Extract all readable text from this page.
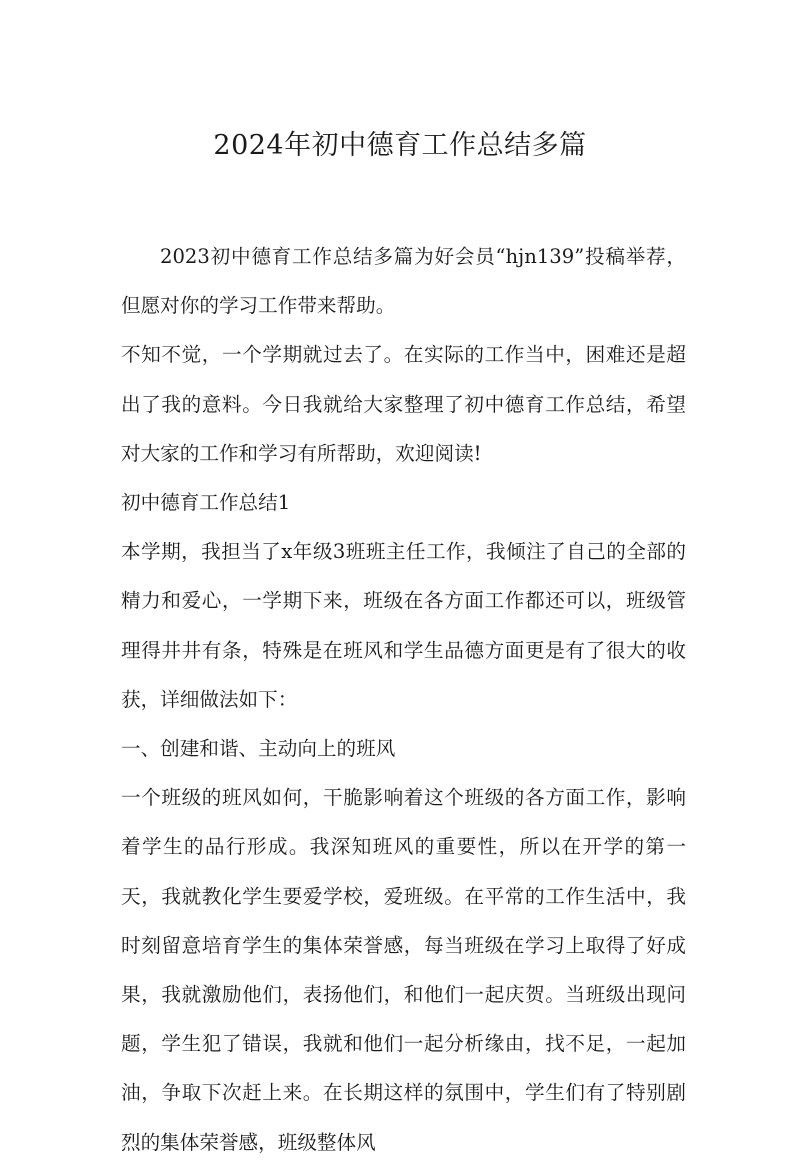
2024年初中德育工作总结多篇

2023初中德育工作总结多篇为好会员“hjn139”投稿举荐，但愿对你的学习工作带来帮助。

不知不觉，一个学期就过去了。在实际的工作当中，困难还是超出了我的意料。今日我就给大家整理了初中德育工作总结，希望对大家的工作和学习有所帮助，欢迎阅读!

初中德育工作总结1

本学期，我担当了x年级3班班主任工作，我倾注了自己的全部的精力和爱心，一学期下来，班级在各方面工作都还可以，班级管理得井井有条，特殊是在班风和学生品德方面更是有了很大的收获，详细做法如下：

一、创建和谐、主动向上的班风

一个班级的班风如何，干脆影响着这个班级的各方面工作，影响着学生的品行形成。我深知班风的重要性，所以在开学的第一天，我就教化学生要爱学校，爱班级。在平常的工作生活中，我时刻留意培育学生的集体荣誉感，每当班级在学习上取得了好成果，我就激励他们，表扬他们，和他们一起庆贺。当班级出现问题，学生犯了错误，我就和他们一起分析缘由，找不足，一起加油，争取下次赶上来。在长期这样的氛围中，学生们有了特别剧烈的集体荣誉感，班级整体风
